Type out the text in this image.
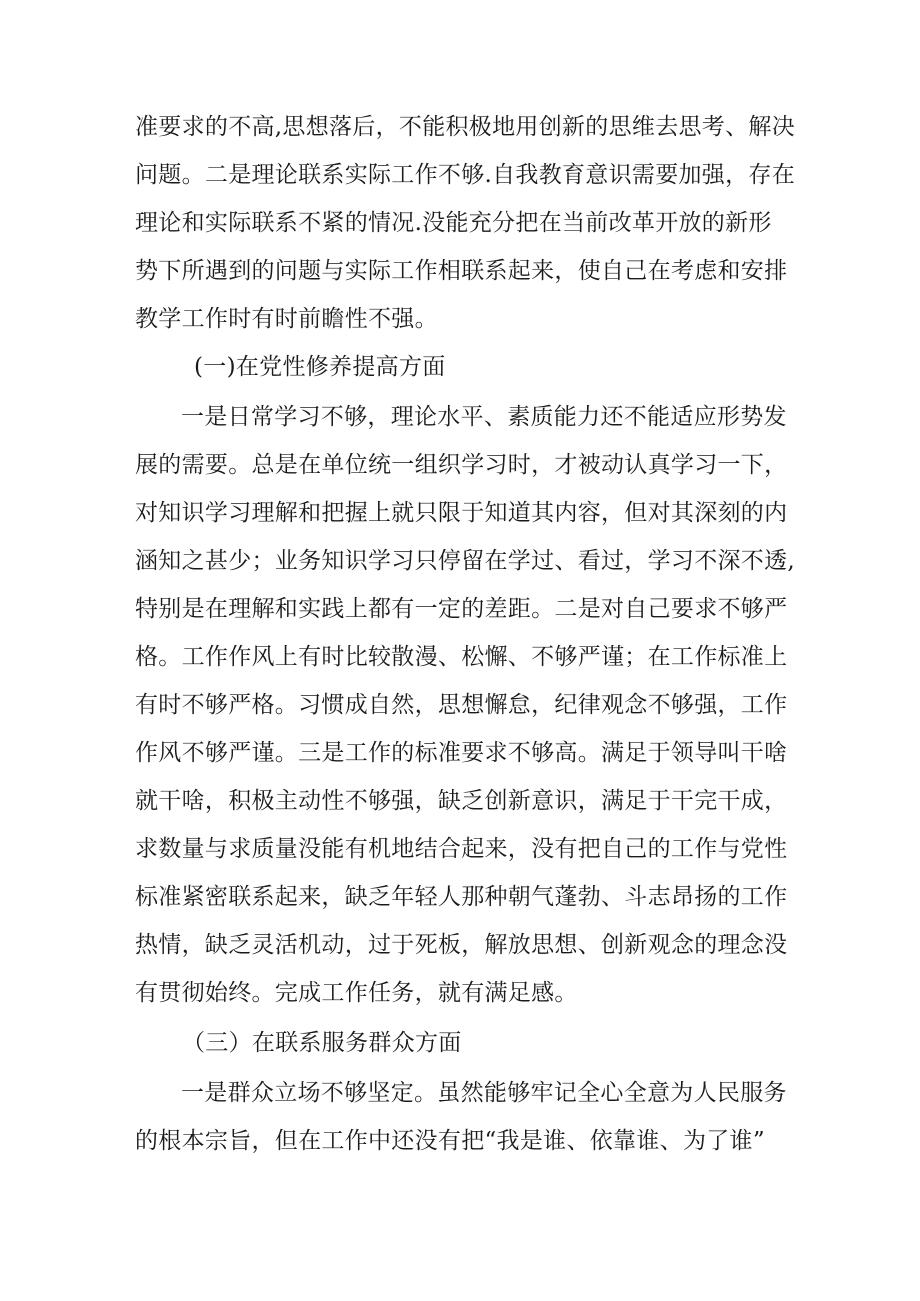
准要求的不高,思想落后，不能积极地用创新的思维去思考、解决
问题。二是理论联系实际工作不够.自我教育意识需要加强，存在
理论和实际联系不紧的情况.没能充分把在当前改革开放的新形
势下所遇到的问题与实际工作相联系起来，使自己在考虑和安排
教学工作时有时前瞻性不强。
(一)在党性修养提高方面
一是日常学习不够，理论水平、素质能力还不能适应形势发
展的需要。总是在单位统一组织学习时，才被动认真学习一下，
对知识学习理解和把握上就只限于知道其内容，但对其深刻的内
涵知之甚少；业务知识学习只停留在学过、看过，学习不深不透,
特别是在理解和实践上都有一定的差距。二是对自己要求不够严
格。工作作风上有时比较散漫、松懈、不够严谨；在工作标准上
有时不够严格。习惯成自然，思想懈怠，纪律观念不够强，工作
作风不够严谨。三是工作的标准要求不够高。满足于领导叫干啥
就干啥，积极主动性不够强，缺乏创新意识，满足于干完干成，
求数量与求质量没能有机地结合起来，没有把自己的工作与党性
标准紧密联系起来，缺乏年轻人那种朝气蓬勃、斗志昂扬的工作
热情，缺乏灵活机动，过于死板，解放思想、创新观念的理念没
有贯彻始终。完成工作任务，就有满足感。
（三）在联系服务群众方面
一是群众立场不够坚定。虽然能够牢记全心全意为人民服务
的根本宗旨，但在工作中还没有把“我是谁、依靠谁、为了谁”
